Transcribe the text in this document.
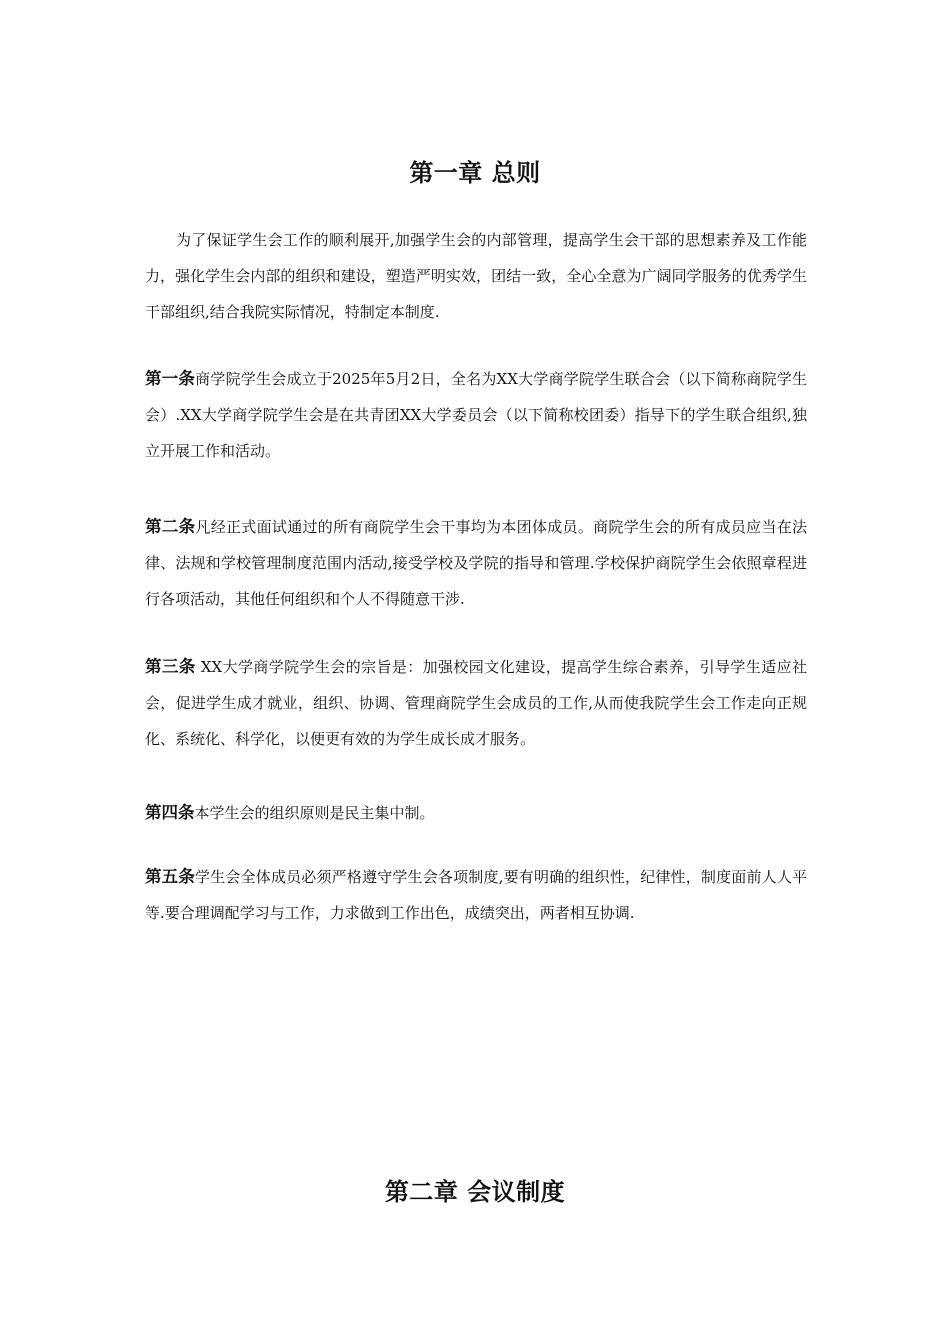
第一章 总则

为了保证学生会工作的顺利展开,加强学生会的内部管理，提高学生会干部的思想素养及工作能力，强化学生会内部的组织和建设，塑造严明实效，团结一致，全心全意为广阔同学服务的优秀学生干部组织,结合我院实际情况，特制定本制度.

第一条商学院学生会成立于2025年5月2日，全名为XX大学商学院学生联合会（以下简称商院学生会）.XX大学商学院学生会是在共青团XX大学委员会（以下简称校团委）指导下的学生联合组织,独立开展工作和活动。

第二条凡经正式面试通过的所有商院学生会干事均为本团体成员。商院学生会的所有成员应当在法律、法规和学校管理制度范围内活动,接受学校及学院的指导和管理.学校保护商院学生会依照章程进行各项活动，其他任何组织和个人不得随意干涉.

第三条 XX大学商学院学生会的宗旨是：加强校园文化建设，提高学生综合素养，引导学生适应社会，促进学生成才就业，组织、协调、管理商院学生会成员的工作,从而使我院学生会工作走向正规化、系统化、科学化，以便更有效的为学生成长成才服务。

第四条本学生会的组织原则是民主集中制。

第五条学生会全体成员必须严格遵守学生会各项制度,要有明确的组织性，纪律性，制度面前人人平等.要合理调配学习与工作，力求做到工作出色，成绩突出，两者相互协调.

第二章 会议制度
